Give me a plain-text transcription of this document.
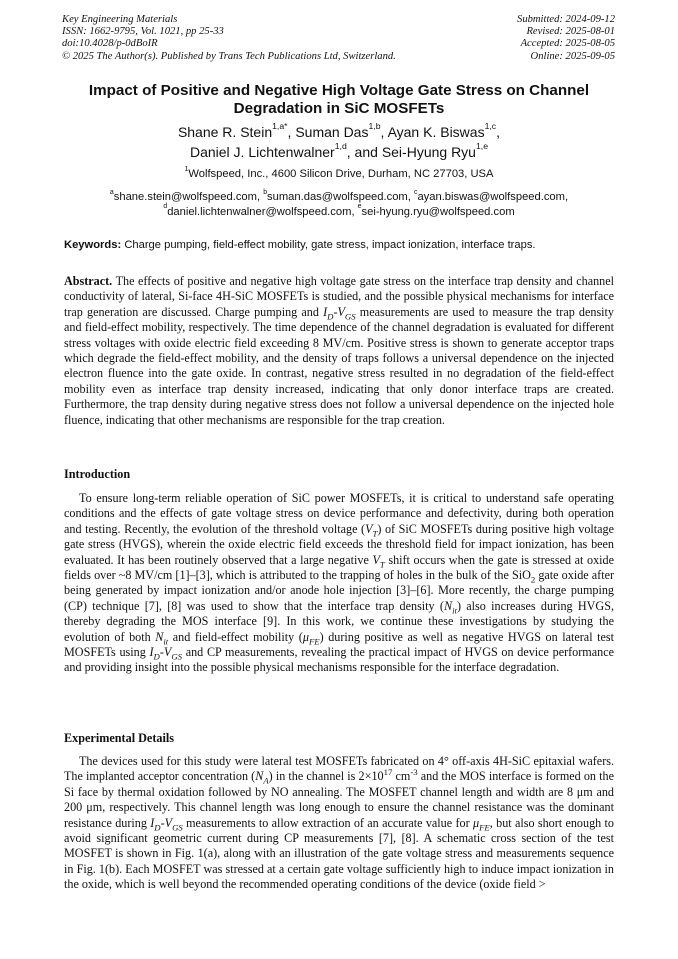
Key Engineering Materials
ISSN: 1662-9795, Vol. 1021, pp 25-33
doi:10.4028/p-0dBoIR
© 2025 The Author(s). Published by Trans Tech Publications Ltd, Switzerland.
Submitted: 2024-09-12
Revised: 2025-08-01
Accepted: 2025-08-05
Online: 2025-09-05
Impact of Positive and Negative High Voltage Gate Stress on Channel Degradation in SiC MOSFETs
Shane R. Stein$^{1,a*}$, Suman Das$^{1,b}$, Ayan K. Biswas$^{1,c}$,
Daniel J. Lichtenwalner$^{1,d}$, and Sei-Hyung Ryu$^{1,e}$
$^1$Wolfspeed, Inc., 4600 Silicon Drive, Durham, NC 27703, USA
$^a$shane.stein@wolfspeed.com, $^b$suman.das@wolfspeed.com, $^c$ayan.biswas@wolfspeed.com,
$^d$daniel.lichtenwalner@wolfspeed.com, $^e$sei-hyung.ryu@wolfspeed.com
Keywords: Charge pumping, field-effect mobility, gate stress, impact ionization, interface traps.

Abstract. The effects of positive and negative high voltage gate stress on the interface trap density and channel conductivity of lateral, Si-face 4H-SiC MOSFETs is studied, and the possible physical mechanisms for interface trap generation are discussed. Charge pumping and $I_D-V_{GS}$ measurements are used to measure the trap density and field-effect mobility, respectively. The time dependence of the channel degradation is evaluated for different stress voltages with oxide electric field exceeding 8 MV/cm. Positive stress is shown to generate acceptor traps which degrade the field-effect mobility, and the density of traps follows a universal dependence on the injected electron fluence into the gate oxide. In contrast, negative stress resulted in no degradation of the field-effect mobility even as interface trap density increased, indicating that only donor interface traps are created. Furthermore, the trap density during negative stress does not follow a universal dependence on the injected hole fluence, indicating that other mechanisms are responsible for the trap creation.

Introduction

To ensure long-term reliable operation of SiC power MOSFETs, it is critical to understand safe operating conditions and the effects of gate voltage stress on device performance and defectivity, during both operation and testing. Recently, the evolution of the threshold voltage $(V_T)$ of SiC MOSFETs during positive high voltage gate stress (HVGS), wherein the oxide electric field exceeds the threshold field for impact ionization, has been evaluated. It has been routinely observed that a large negative $V_T$ shift occurs when the gate is stressed at oxide fields over ~8 MV/cm [1]–[3], which is attributed to the trapping of holes in the bulk of the SiO$_2$ gate oxide after being generated by impact ionization and/or anode hole injection [3]–[6]. More recently, the charge pumping (CP) technique [7], [8] was used to show that the interface trap density $(N_{it})$ also increases during HVGS, thereby degrading the MOS interface [9]. In this work, we continue these investigations by studying the evolution of both $N_{it}$ and field-effect mobility $(\mu_{FE})$ during positive as well as negative HVGS on lateral test MOSFETs using $I_D-V_{GS}$ and CP measurements, revealing the practical impact of HVGS on device performance and providing insight into the possible physical mechanisms responsible for the interface degradation.

Experimental Details

The devices used for this study were lateral test MOSFETs fabricated on 4° off-axis 4H-SiC epitaxial wafers. The implanted acceptor concentration $(N_A)$ in the channel is $2\times 10^{17}$ $cm^{-3}$ and the MOS interface is formed on the Si face by thermal oxidation followed by NO annealing. The MOSFET channel length and width are 8 μm and 200 μm, respectively. This channel length was long enough to ensure the channel resistance was the dominant resistance during $I_D-V_{GS}$ measurements to allow extraction of an accurate value for $\mu_{FE}$, but also short enough to avoid significant geometric current during CP measurements [7], [8]. A schematic cross section of the test MOSFET is shown in Fig. 1(a), along with an illustration of the gate voltage stress and measurements sequence in Fig. 1(b). Each MOSFET was stressed at a certain gate voltage sufficiently high to induce impact ionization in the oxide, which is well beyond the recommended operating conditions of the device (oxide field >
